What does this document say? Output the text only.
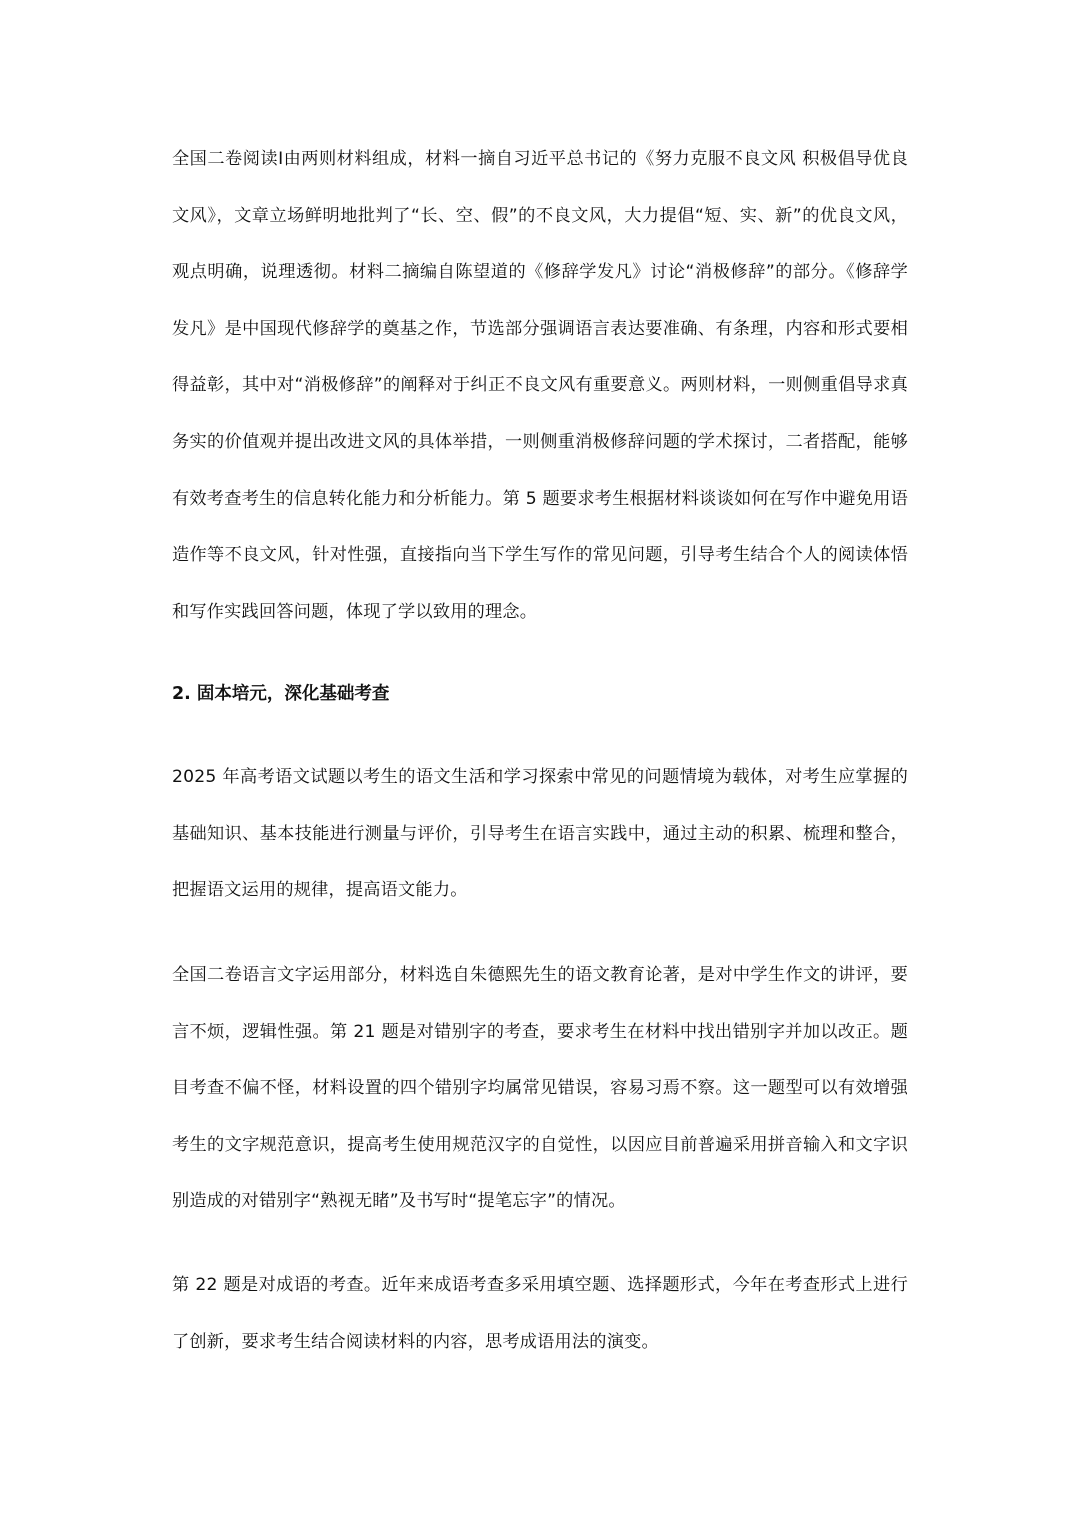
全国二卷阅读Ⅰ由两则材料组成，材料一摘自习近平总书记的《努力克服不良文风 积极倡导优良文风》，文章立场鲜明地批判了“长、空、假”的不良文风，大力提倡“短、实、新”的优良文风，观点明确，说理透彻。材料二摘编自陈望道的《修辞学发凡》讨论“消极修辞”的部分。《修辞学发凡》是中国现代修辞学的奠基之作，节选部分强调语言表达要准确、有条理，内容和形式要相得益彰，其中对“消极修辞”的阐释对于纠正不良文风有重要意义。两则材料，一则侧重倡导求真务实的价值观并提出改进文风的具体举措，一则侧重消极修辞问题的学术探讨，二者搭配，能够有效考查考生的信息转化能力和分析能力。第 5 题要求考生根据材料谈谈如何在写作中避免用语造作等不良文风，针对性强，直接指向当下学生写作的常见问题，引导考生结合个人的阅读体悟和写作实践回答问题，体现了学以致用的理念。

2. 固本培元，深化基础考查

2025 年高考语文试题以考生的语文生活和学习探索中常见的问题情境为载体，对考生应掌握的基础知识、基本技能进行测量与评价，引导考生在语言实践中，通过主动的积累、梳理和整合，把握语文运用的规律，提高语文能力。

全国二卷语言文字运用部分，材料选自朱德熙先生的语文教育论著，是对中学生作文的讲评，要言不烦，逻辑性强。第 21 题是对错别字的考查，要求考生在材料中找出错别字并加以改正。题目考查不偏不怪，材料设置的四个错别字均属常见错误，容易习焉不察。这一题型可以有效增强考生的文字规范意识，提高考生使用规范汉字的自觉性，以因应目前普遍采用拼音输入和文字识别造成的对错别字“熟视无睹”及书写时“提笔忘字”的情况。

第 22 题是对成语的考查。近年来成语考查多采用填空题、选择题形式，今年在考查形式上进行了创新，要求考生结合阅读材料的内容，思考成语用法的演变。
